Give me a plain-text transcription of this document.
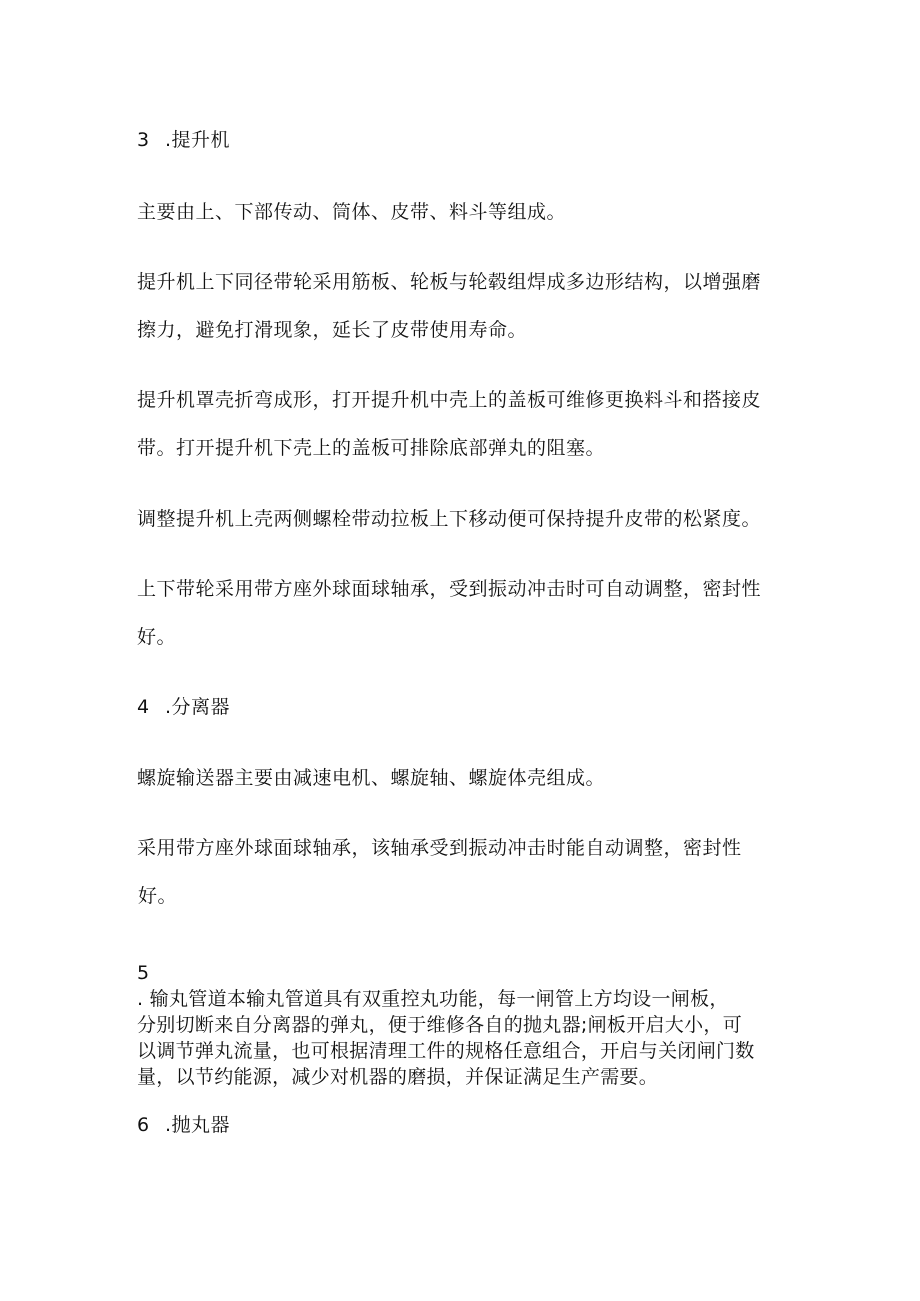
3 .提升机
主要由上、下部传动、筒体、皮带、料斗等组成。
提升机上下同径带轮采用筋板、轮板与轮毂组焊成多边形结构，以增强磨
擦力，避免打滑现象，延长了皮带使用寿命。
提升机罩壳折弯成形，打开提升机中壳上的盖板可维修更换料斗和搭接皮
带。打开提升机下壳上的盖板可排除底部弹丸的阻塞。
调整提升机上壳两侧螺栓带动拉板上下移动便可保持提升皮带的松紧度。
上下带轮采用带方座外球面球轴承，受到振动冲击时可自动调整，密封性
好。
4 .分离器
螺旋输送器主要由减速电机、螺旋轴、螺旋体壳组成。
采用带方座外球面球轴承，该轴承受到振动冲击时能自动调整，密封性
好。
5
. 输丸管道本输丸管道具有双重控丸功能，每一闸管上方均设一闸板，
分别切断来自分离器的弹丸，便于维修各自的抛丸器;闸板开启大小，可
以调节弹丸流量，也可根据清理工件的规格任意组合，开启与关闭闸门数
量，以节约能源，减少对机器的磨损，并保证满足生产需要。
6 .抛丸器
